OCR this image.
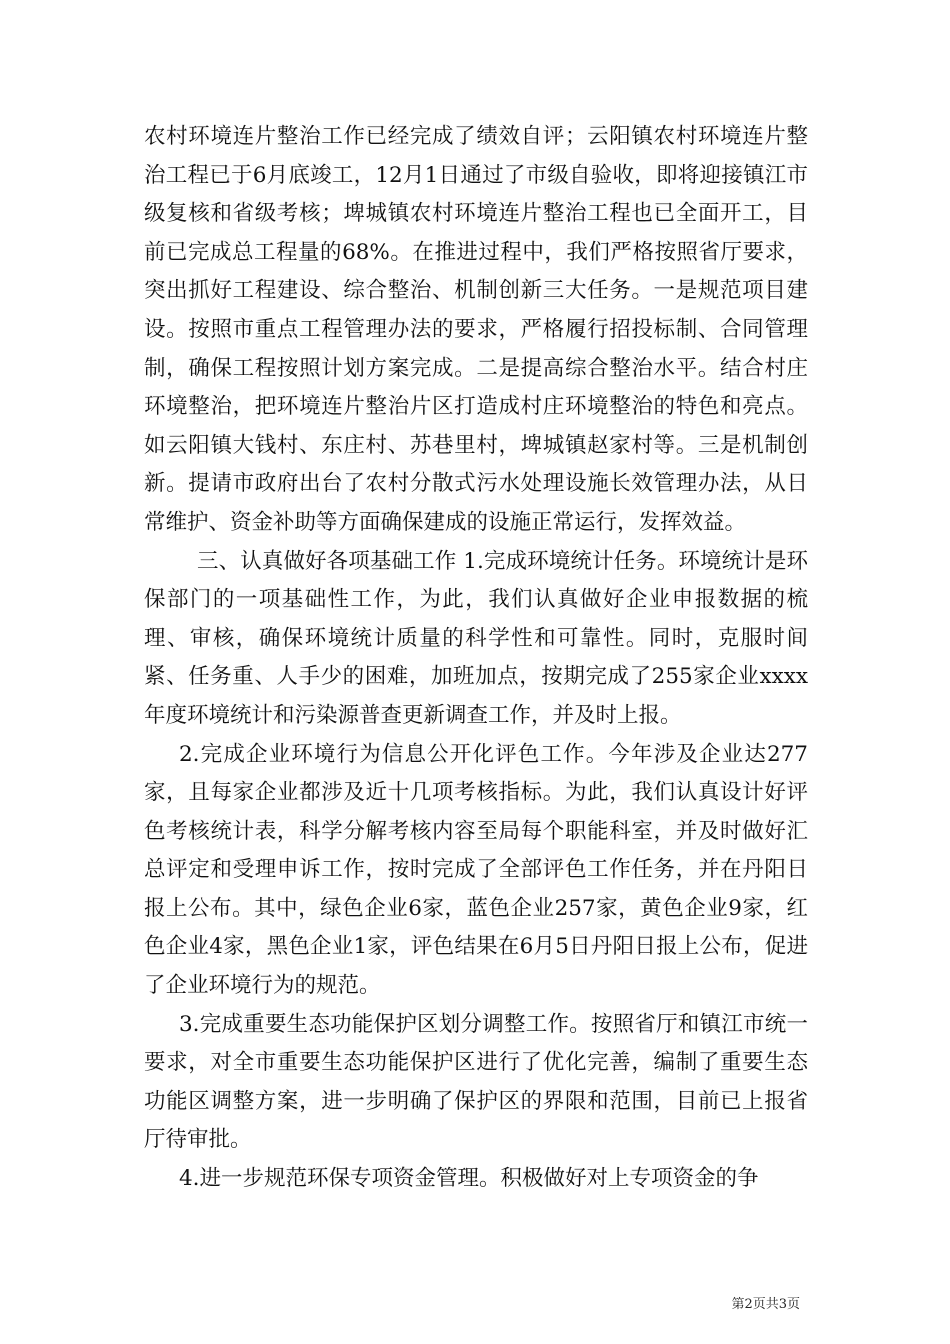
农村环境连片整治工作已经完成了绩效自评；云阳镇农村环境连片整治工程已于6月底竣工，12月1日通过了市级自验收，即将迎接镇江市级复核和省级考核；埤城镇农村环境连片整治工程也已全面开工，目前已完成总工程量的68%。在推进过程中，我们严格按照省厅要求，突出抓好工程建设、综合整治、机制创新三大任务。一是规范项目建设。按照市重点工程管理办法的要求，严格履行招投标制、合同管理制，确保工程按照计划方案完成。二是提高综合整治水平。结合村庄环境整治，把环境连片整治片区打造成村庄环境整治的特色和亮点。如云阳镇大钱村、东庄村、苏巷里村，埤城镇赵家村等。三是机制创新。提请市政府出台了农村分散式污水处理设施长效管理办法，从日常维护、资金补助等方面确保建成的设施正常运行，发挥效益。

三、认真做好各项基础工作 1.完成环境统计任务。环境统计是环保部门的一项基础性工作，为此，我们认真做好企业申报数据的梳理、审核，确保环境统计质量的科学性和可靠性。同时，克服时间紧、任务重、人手少的困难，加班加点，按期完成了255家企业xxxx年度环境统计和污染源普查更新调查工作，并及时上报。

2.完成企业环境行为信息公开化评色工作。今年涉及企业达277家，且每家企业都涉及近十几项考核指标。为此，我们认真设计好评色考核统计表，科学分解考核内容至局每个职能科室，并及时做好汇总评定和受理申诉工作，按时完成了全部评色工作任务，并在丹阳日报上公布。其中，绿色企业6家，蓝色企业257家，黄色企业9家，红色企业4家，黑色企业1家，评色结果在6月5日丹阳日报上公布，促进了企业环境行为的规范。

3.完成重要生态功能保护区划分调整工作。按照省厅和镇江市统一要求，对全市重要生态功能保护区进行了优化完善，编制了重要生态功能区调整方案，进一步明确了保护区的界限和范围，目前已上报省厅待审批。

4.进一步规范环保专项资金管理。积极做好对上专项资金的争

第2页共3页
